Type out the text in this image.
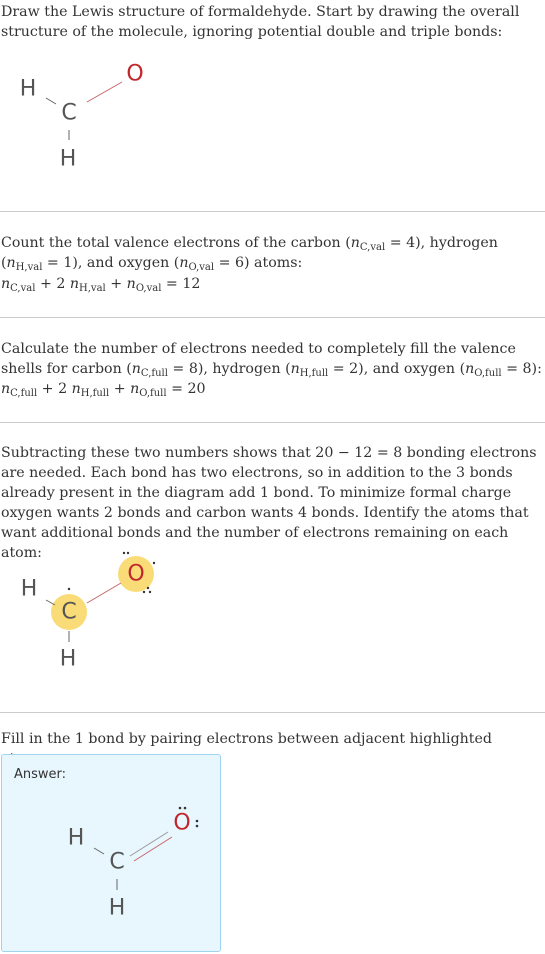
Draw the Lewis structure of formaldehyde. Start by drawing the overall structure of the molecule, ignoring potential double and triple bonds:
H
C
O
H
Count the total valence electrons of the carbon $(n_{C,val} = 4)$, hydrogen $(n_{H,val} = 1)$, and oxygen $(n_{O,val} = 6)$ atoms:
$n_{C,val} + 2$ $n_{H,val} + n_{O,val} = 12$
Calculate the number of electrons needed to completely fill the valence shells for carbon $(n_{C,full} = 8)$, hydrogen $(n_{H,full} = 2)$, and oxygen $(n_{O,full} = 8)$:
$n_{C,full} + 2$ $n_{H,full} + n_{O,full} = 20$
Subtracting these two numbers shows that 20 − 12 = 8 bonding electrons are needed. Each bond has two electrons, so in addition to the 3 bonds already present in the diagram add 1 bond. To minimize formal charge oxygen wants 2 bonds and carbon wants 4 bonds. Identify the atoms that want additional bonds and the number of electrons remaining on each atom:
H
C
O
H
Fill in the 1 bond by pairing electrons between adjacent highlighted
Answer:
H
C
O
H
